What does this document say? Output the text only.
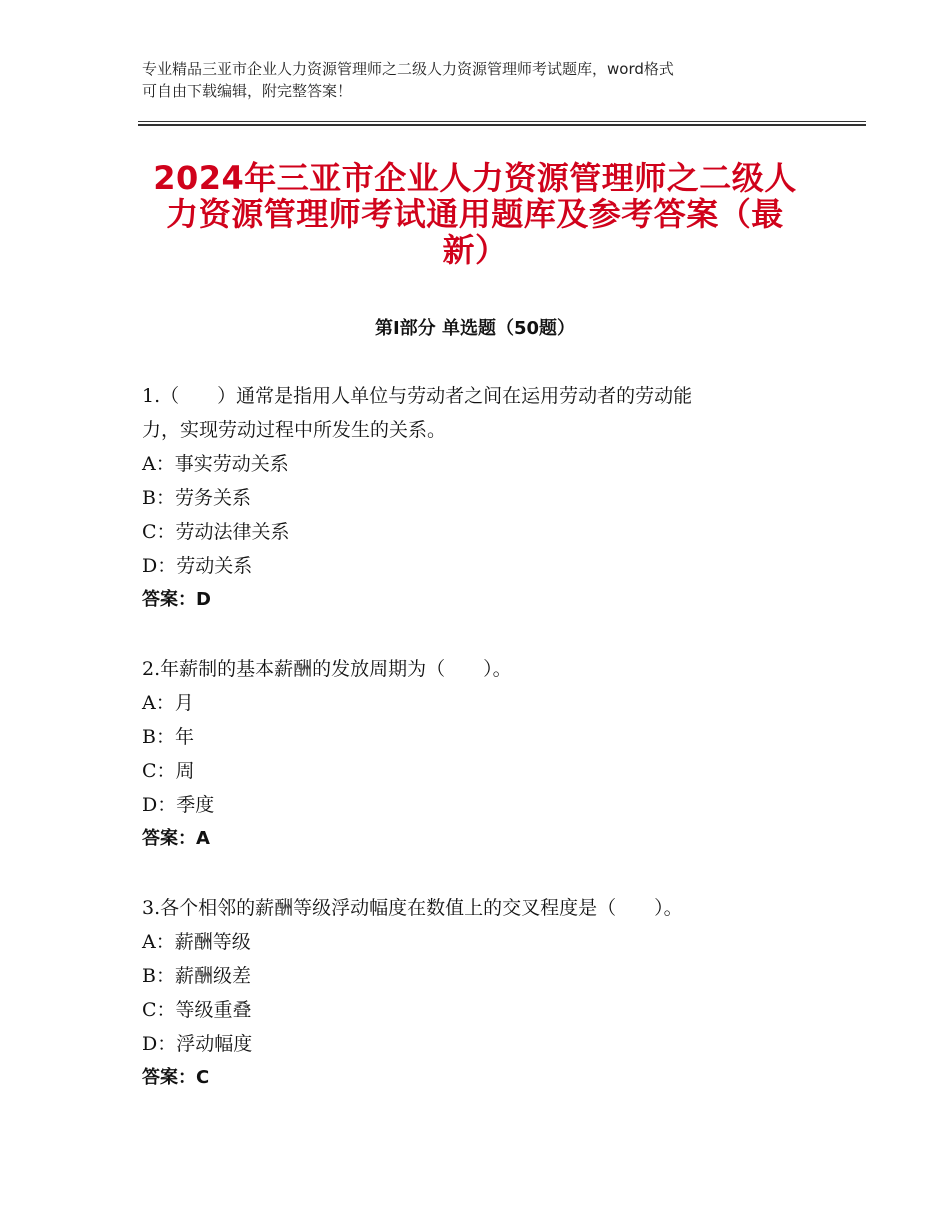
专业精品三亚市企业人力资源管理师之二级人力资源管理师考试题库，word格式
可自由下载编辑，附完整答案！
2024年三亚市企业人力资源管理师之二级人
力资源管理师考试通用题库及参考答案（最
新）
第Ⅰ部分 单选题（50题）
1.（　　）通常是指用人单位与劳动者之间在运用劳动者的劳动能
力，实现劳动过程中所发生的关系。
A：事实劳动关系
B：劳务关系
C：劳动法律关系
D：劳动关系
答案：D
2.年薪制的基本薪酬的发放周期为（　　）。
A：月
B：年
C：周
D：季度
答案：A
3.各个相邻的薪酬等级浮动幅度在数值上的交叉程度是（　　）。
A：薪酬等级
B：薪酬级差
C：等级重叠
D：浮动幅度
答案：C
